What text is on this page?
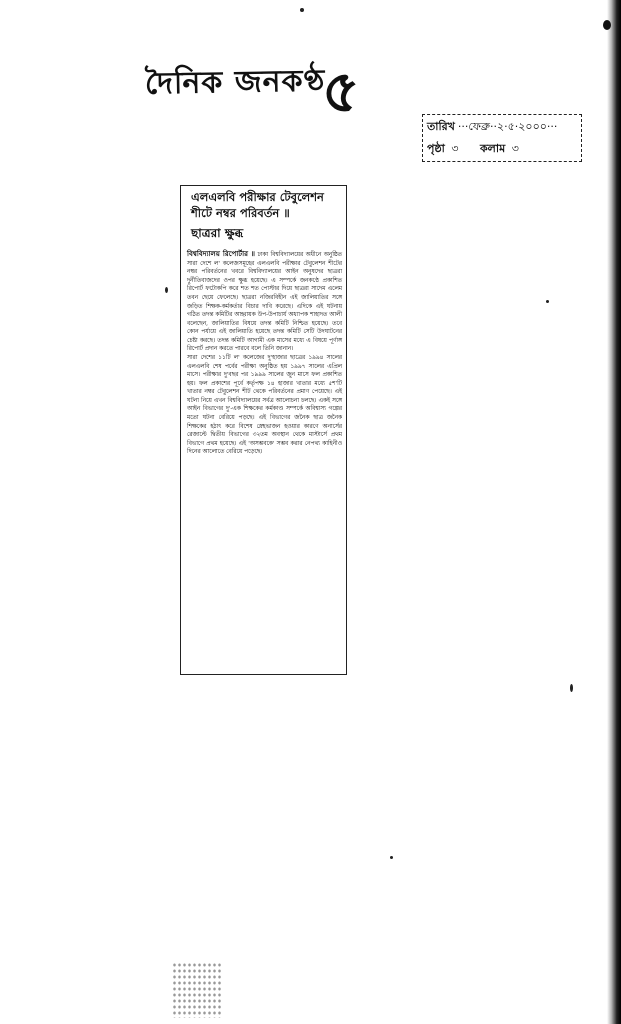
দৈনিক জনকণ্ঠ
৫
তারিখ ···ফেব্রু··২·৫·২০০০···
পৃষ্ঠা ৩ কলাম ৩
এলএলবি পরীক্ষার টেবুলেশন
শীটে নম্বর পরিবর্তন ॥
ছাত্ররা ক্ষুব্ধ

বিশ্ববিদ্যালয় রিপোর্টার ॥ ঢাকা বিশ্ববিদ্যালয়ের অধীনে অনুষ্ঠিত সারা দেশে ল' কলেজসমূহের এলএলবি পরীক্ষার টেবুলেশন শীটের নম্বর পরিবর্তনের খবরে বিশ্ববিদ্যালয়ের আইন অনুষদের ছাত্ররা দুর্নীতিবাজদের ওপর ক্ষুব্ধ হয়েছে। এ সম্পর্কে জনকণ্ঠে প্রকাশিত রিপোর্ট ফটোকপি করে শত শত পোস্টার দিয়ে ছাত্ররা সাদেম এলেম তবন ছেয়ে ফেলেছে। ছাত্ররা নজিরবিহীন এই জালিয়াতির সঙ্গে জড়িত শিক্ষক-কর্মকর্তার বিচার দাবি করেছে। এদিকে এই ঘটনায় গঠিত তদন্ত কমিটির আহ্বায়ক উপ-উপাচার্য অধ্যাপক শাহাদত আলী বলেছেন, জালিয়াতির বিষয়ে তদন্ত কমিটি নিশ্চিত হয়েছে। তবে কোন পর্যায়ে এই জালিয়াতি হয়েছে তদন্ত কমিটি সেটি উদঘাটনের চেষ্টা করছে। তদন্ত কমিটি আগামী এক মাসের মধ্যে এ বিষয়ে পূর্ণাঙ্গ রিপোর্ট প্রদান করতে পারবে বলে তিনি জানান।

সারা দেশের ১১টি ল' কলেজের দু'হাজার ছাত্রের ১৯৯৪ সালের এলএলবি শেষ পর্বের পরীক্ষা অনুষ্ঠিত হয় ১৯৯৭ সালের এপ্রিল মাসে। পরীক্ষার দু'বছর পর ১৯৯৯ সালের জুন মাসে ফল প্রকাশিত হয়। ফল প্রকাশের পূর্বে কর্তৃপক্ষ ১৪ হাজার খাতার মধ্যে ৫শ'টি খাতার নম্বর টেবুলেশন শীট থেকে পরিবর্তনের প্রমাণ পেয়েছে। এই ঘটনা নিয়ে এখন বিশ্ববিদ্যালয়ের সর্বত্র আলোচনা চলছে। একই সঙ্গে আইন বিভাগের দু'-এক শিক্ষকের কর্মকাণ্ড সম্পর্কে অবিশ্বাস্য গল্পের মতো ঘটনা বেরিয়ে পড়ছে। এই বিভাগের জনৈক ছাত্র জনৈক শিক্ষকের হঠাৎ করে বিশেষ স্নেহভাজন হওয়ার কারণে অনার্সের রেজাল্টে দ্বিতীয় বিভাগের ৩২তম অবস্থান থেকে মাস্টার্সে প্রথম বিভাগে প্রথম হয়েছে। এই 'অসম্ভবকে' সম্ভব করার নেপথ্য কাহিনীও দিনের আলোতে বেরিয়ে পড়েছে।
